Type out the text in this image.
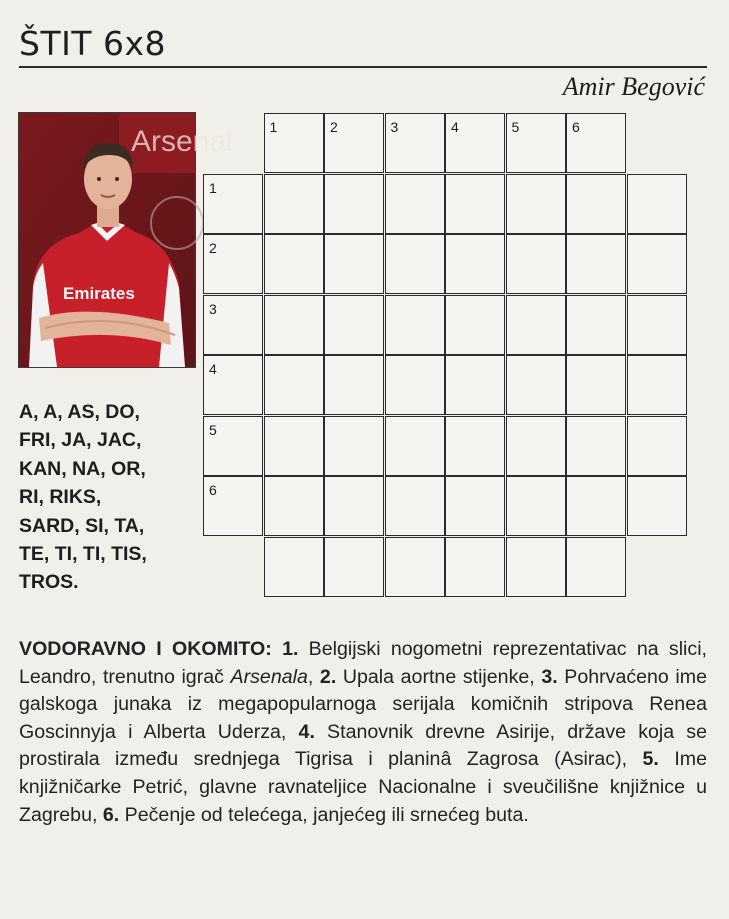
ŠTIT 6x8
Amir Begović
Arsenal
Emirates
A, A, AS, DO,
FRI, JA, JAC,
KAN, NA, OR,
RI, RIKS,
SARD, SI, TA,
TE, TI, TI, TIS,
TROS.
1	2	3	4	5	6
1
2
3
4
5
6
VODORAVNO I OKOMITO: 1. Belgijski nogometni reprezentativac na slici, Leandro, trenutno igrač Arsenala, 2. Upala aortne stijenke, 3. Pohrvaćeno ime galskoga junaka iz megapopularnoga serijala komičnih stripova Renea Goscinnyja i Alberta Uderza, 4. Stanovnik drevne Asirije, države koja se prostirala između srednjega Tigrisa i planinâ Zagrosa (Asirac), 5. Ime knjižničarke Petrić, glavne ravnateljice Nacionalne i sveučilišne knjižnice u Zagrebu, 6. Pečenje od telećega, janjećeg ili srnećeg buta.
